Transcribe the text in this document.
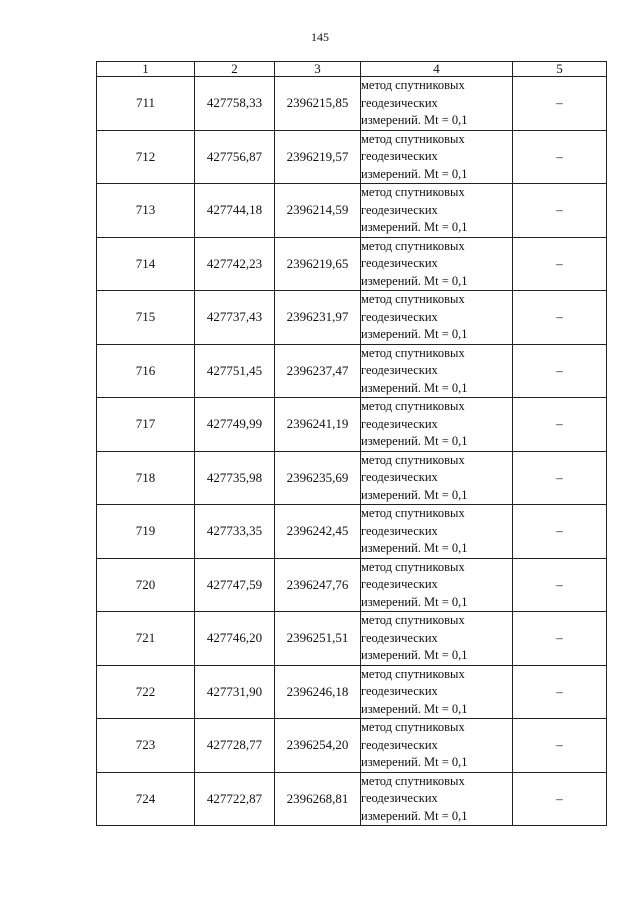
145
1	2	3	4	5
711	427758,33	2396215,85	метод спутниковых
геодезических
измерений. Mt = 0,1	–
712	427756,87	2396219,57	метод спутниковых
геодезических
измерений. Mt = 0,1	–
713	427744,18	2396214,59	метод спутниковых
геодезических
измерений. Mt = 0,1	–
714	427742,23	2396219,65	метод спутниковых
геодезических
измерений. Mt = 0,1	–
715	427737,43	2396231,97	метод спутниковых
геодезических
измерений. Mt = 0,1	–
716	427751,45	2396237,47	метод спутниковых
геодезических
измерений. Mt = 0,1	–
717	427749,99	2396241,19	метод спутниковых
геодезических
измерений. Mt = 0,1	–
718	427735,98	2396235,69	метод спутниковых
геодезических
измерений. Mt = 0,1	–
719	427733,35	2396242,45	метод спутниковых
геодезических
измерений. Mt = 0,1	–
720	427747,59	2396247,76	метод спутниковых
геодезических
измерений. Mt = 0,1	–
721	427746,20	2396251,51	метод спутниковых
геодезических
измерений. Mt = 0,1	–
722	427731,90	2396246,18	метод спутниковых
геодезических
измерений. Mt = 0,1	–
723	427728,77	2396254,20	метод спутниковых
геодезических
измерений. Mt = 0,1	–
724	427722,87	2396268,81	метод спутниковых
геодезических
измерений. Mt = 0,1	–
